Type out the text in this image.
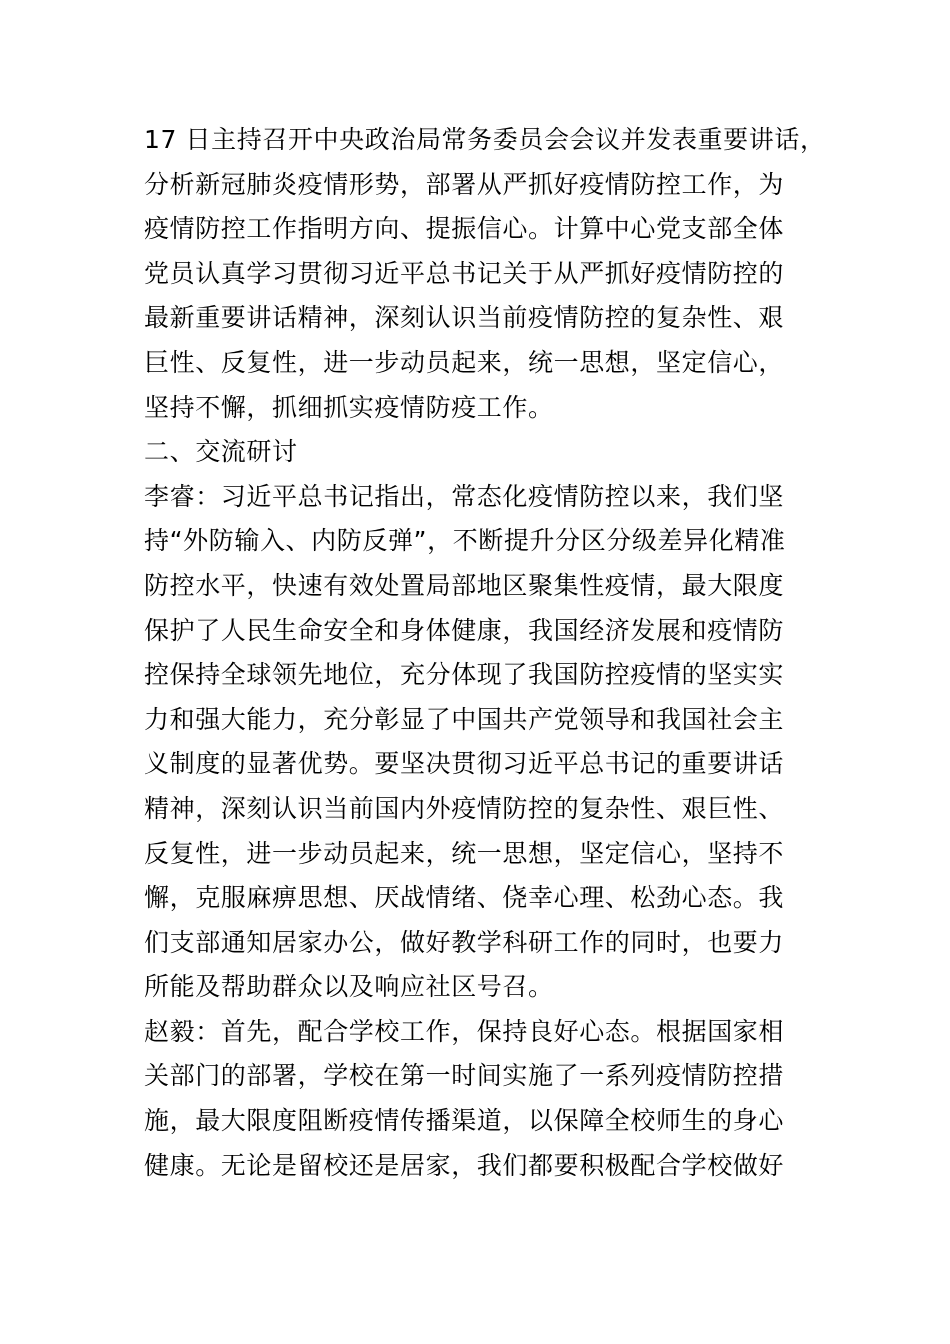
17 日主持召开中央政治局常务委员会会议并发表重要讲话，
分析新冠肺炎疫情形势，部署从严抓好疫情防控工作，为
疫情防控工作指明方向、提振信心。计算中心党支部全体
党员认真学习贯彻习近平总书记关于从严抓好疫情防控的
最新重要讲话精神，深刻认识当前疫情防控的复杂性、艰
巨性、反复性，进一步动员起来，统一思想，坚定信心，
坚持不懈，抓细抓实疫情防疫工作。
二、交流研讨
李睿：习近平总书记指出，常态化疫情防控以来，我们坚
持“外防输入、内防反弹”，不断提升分区分级差异化精准
防控水平，快速有效处置局部地区聚集性疫情，最大限度
保护了人民生命安全和身体健康，我国经济发展和疫情防
控保持全球领先地位，充分体现了我国防控疫情的坚实实
力和强大能力，充分彰显了中国共产党领导和我国社会主
义制度的显著优势。要坚决贯彻习近平总书记的重要讲话
精神，深刻认识当前国内外疫情防控的复杂性、艰巨性、
反复性，进一步动员起来，统一思想，坚定信心，坚持不
懈，克服麻痹思想、厌战情绪、侥幸心理、松劲心态。我
们支部通知居家办公，做好教学科研工作的同时，也要力
所能及帮助群众以及响应社区号召。
赵毅：首先，配合学校工作，保持良好心态。根据国家相
关部门的部署，学校在第一时间实施了一系列疫情防控措
施，最大限度阻断疫情传播渠道，以保障全校师生的身心
健康。无论是留校还是居家，我们都要积极配合学校做好
